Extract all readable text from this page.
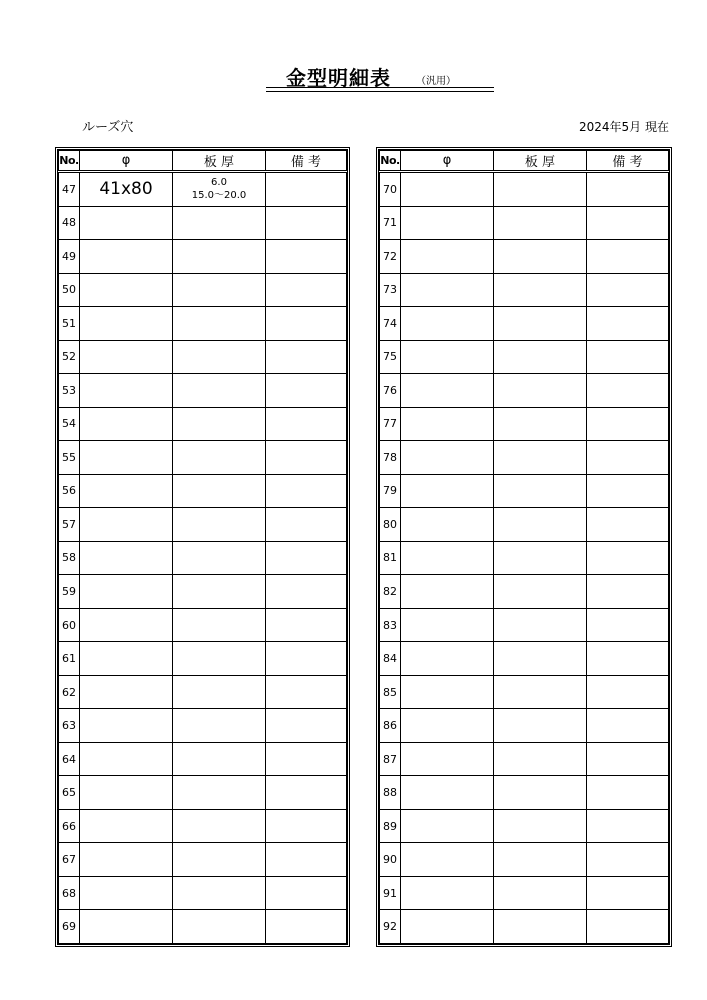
金型明細表	（汎用）
ルーズ穴	2024年5月 現在
No.	φ	板 厚	備 考
47	41x80	6.0
15.0〜20.0	

48		

49		

50		

51		

52		

53		

54		

55		

56		

57		

58		

59		

60		

61		

62		

63		

64		

65		

66		

67		

68		

69		

No.	φ	板 厚	備 考
70		

71		

72		

73		

74		

75		

76		

77		

78		

79		

80		

81		

82		

83		

84		

85		

86		

87		

88		

89		

90		

91		

92		
